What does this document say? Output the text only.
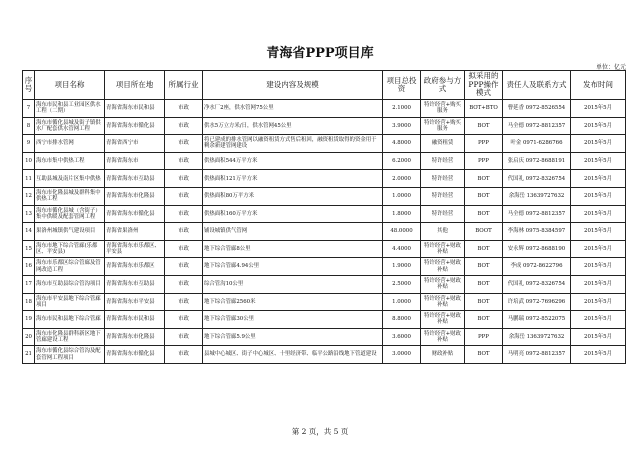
青海省PPP项目库
单位：亿元
序号	项目名称	项目所在地	所属行业	建设内容及规模	项目总投资	政府参与方式	拟采用的PPP操作模式	责任人及联系方式	发布时间
7	海东市民和县工业园区供水工程（二期）	青海省海东市民和县	市政	净水厂2座，供水管网75公里	2.1000	特许经营+购买服务	BOT+BTO	曹延香 0972-8526554	2015年5月
8	海东市循化县城及街子镇供水厂配套供水管网工程	青海省海东市循化县	市政	供水5万立方米/日，供水管网45公里	3.9000	特许经营+购买服务	BOT	马全德 0972-8812357	2015年5月
9	西宁市排水管网	青海省西宁市	市政	将已建成的排水管网以融资租赁方式售后租回，融资租赁取得的资金用于剩余新建管网建设	4.8000	融资租赁	PPP	叶金 0971-6286766	2015年5月
10	海东市集中供热工程	青海省海东市	市政	供热面积544万平方米	6.2000	特许经营	PPP	张启庆 0972-8688191	2015年5月
11	互助县城及南片区集中供热	青海省海东市互助县	市政	供热面积121万平方米	2.0000	特许经营	BOT	代国礼 0972-8326754	2015年5月
12	海东市化隆县城及群科集中供热工程	青海省海东市化隆县	市政	供热面积80万平方米	1.0000	特许经营	BOT	余海岳 13639727632	2015年5月
13	海东市循化县城（含街子）集中供暖及配套管网工程	青海省海东市循化县	市政	供热面积160万平方米	1.8000	特许经营	BOT	马全德 0972-8812357	2015年5月
14	果洛州城镇供气建设项目	青海省果洛州	市政	铺设城镇供气管网	48.0000	其他	BOOT	李海林 0975-8384597	2015年5月
15	海东市地下综合管廊(乐都区、平安县)	青海省海东市乐都区、平安县	市政	地下综合管廊8公里	4.4000	特许经营+财政补贴	BOT	安永辉 0972-8688190	2015年5月
16	海东市乐都区综合管廊及管网改造工程	青海省海东市乐都区	市政	地下综合管廊4.94公里	1.9000	特许经营+财政补贴	BOT	李成 0972-8622796	2015年5月
17	海东市互助县综合管沟项目	青海省海东市互助县	市政	综合管沟10公里	2.5000	特许经营+财政补贴	BOT	代国礼 0972-8326754	2015年5月
18	海东市平安县地下综合管廊项目	青海省海东市平安县	市政	地下综合管廊2560米	1.0000	特许经营+财政补贴	BOT	许培武 0972-7696296	2015年5月
19	海东市民和县地下综合管廊	青海省海东市民和县	市政	地下综合管廊30公里	8.8000	特许经营+财政补贴	BOT	马鹏瑞 0972-8522075	2015年5月
20	海东市化隆县群科新区地下管廊建设工程	青海省海东市化隆县	市政	地下综合管廊5.9公里	3.6000	特许经营+财政补贴	PPP	余海岳 13639727632	2015年5月
21	海东市循化县综合管沟及配套管网工程项目	青海省海东市循化县	市政	县城中心城区、街子中心城区、十里经济带、临平公路沿线地下管道建设	3.0000	财政补贴	BOT	马明亮 0972-8812357	2015年5月
第 2 页，共 5 页
